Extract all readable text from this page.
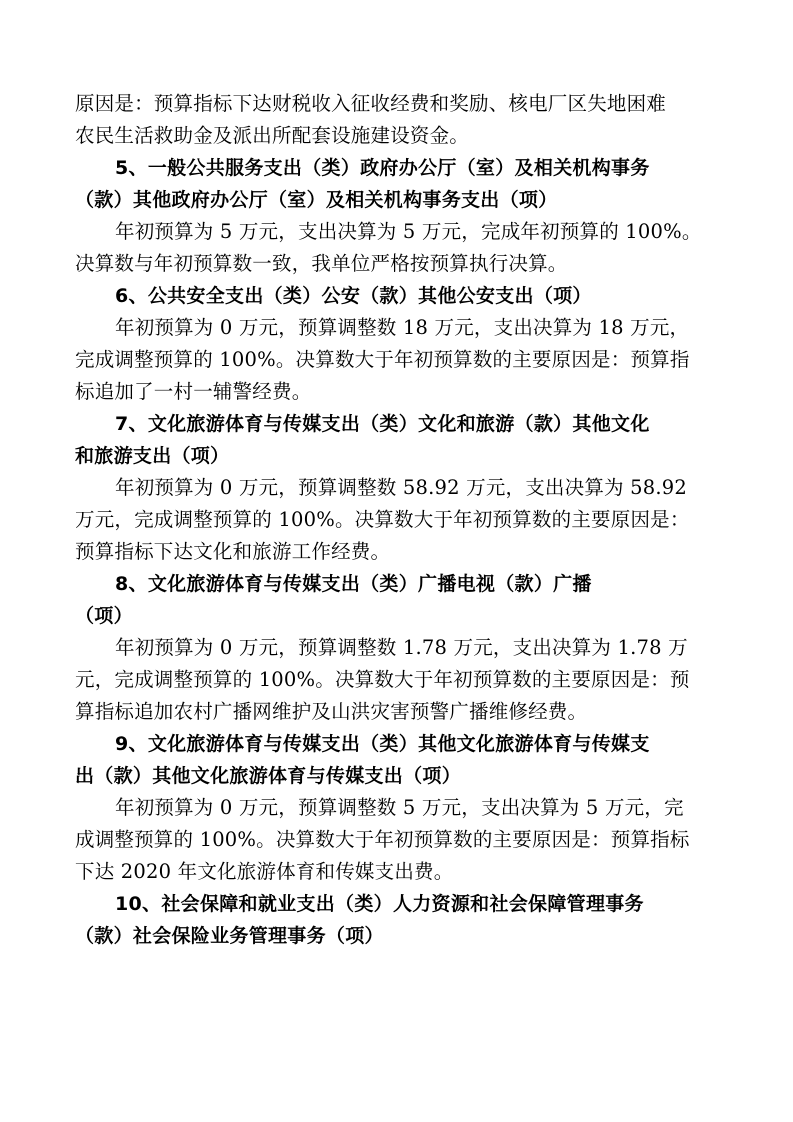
原因是：预算指标下达财税收入征收经费和奖励、核电厂区失地困难

农民生活救助金及派出所配套设施建设资金。

5、一般公共服务支出（类）政府办公厅（室）及相关机构事务

（款）其他政府办公厅（室）及相关机构事务支出（项）

年初预算为 5 万元，支出决算为 5 万元，完成年初预算的 100%。

决算数与年初预算数一致，我单位严格按预算执行决算。

6、公共安全支出（类）公安（款）其他公安支出（项）

年初预算为 0 万元，预算调整数 18 万元，支出决算为 18 万元，

完成调整预算的 100%。决算数大于年初预算数的主要原因是：预算指

标追加了一村一辅警经费。

7、文化旅游体育与传媒支出（类）文化和旅游（款）其他文化

和旅游支出（项）

年初预算为 0 万元，预算调整数 58.92 万元，支出决算为 58.92

万元，完成调整预算的 100%。决算数大于年初预算数的主要原因是：

预算指标下达文化和旅游工作经费。

8、文化旅游体育与传媒支出（类）广播电视（款）广播

（项）

年初预算为 0 万元，预算调整数 1.78 万元，支出决算为 1.78 万

元，完成调整预算的 100%。决算数大于年初预算数的主要原因是：预

算指标追加农村广播网维护及山洪灾害预警广播维修经费。

9、文化旅游体育与传媒支出（类）其他文化旅游体育与传媒支

出（款）其他文化旅游体育与传媒支出（项）

年初预算为 0 万元，预算调整数 5 万元，支出决算为 5 万元，完

成调整预算的 100%。决算数大于年初预算数的主要原因是：预算指标

下达 2020 年文化旅游体育和传媒支出费。

10、社会保障和就业支出（类）人力资源和社会保障管理事务

（款）社会保险业务管理事务（项）
